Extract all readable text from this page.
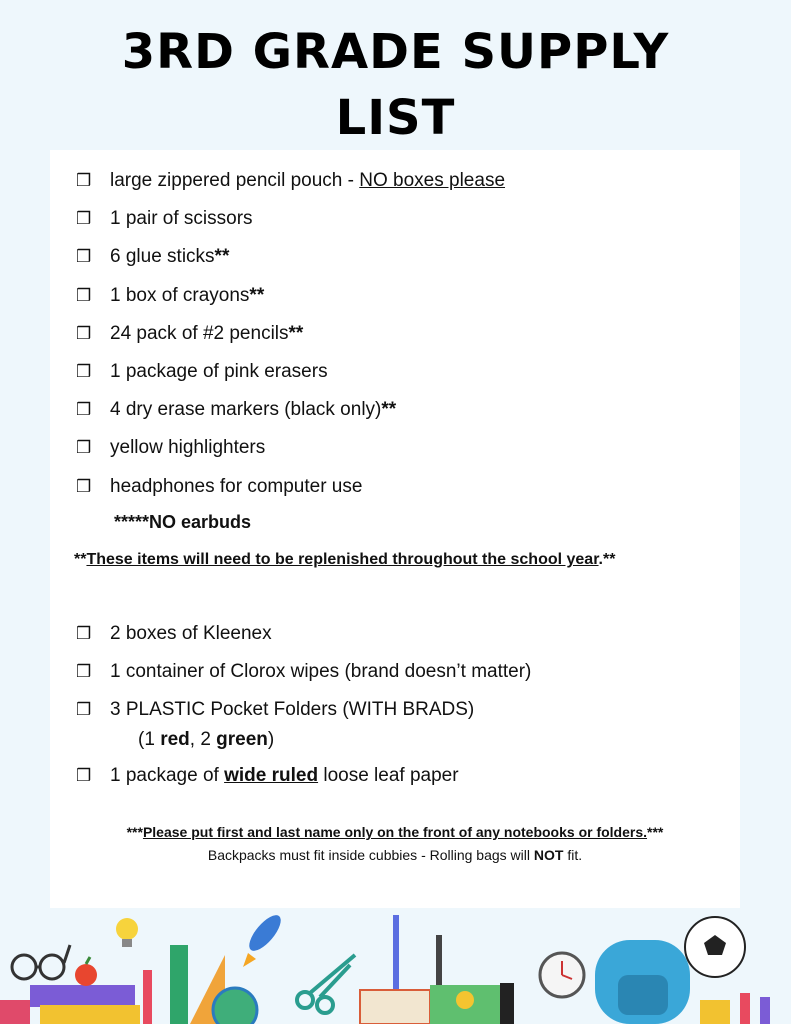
3RD GRADE SUPPLY
LIST
❒ large zippered pencil pouch - NO boxes please
❒ 1 pair of scissors
❒ 6 glue sticks**
❒ 1 box of crayons**
❒ 24 pack of #2 pencils**
❒ 1 package of pink erasers
❒ 4 dry erase markers (black only)**
❒ yellow highlighters
❒ headphones for computer use
*****NO earbuds
**These items will need to be replenished throughout the school year.**
❒ 2 boxes of Kleenex
❒ 1 container of Clorox wipes (brand doesn’t matter)
❒ 3 PLASTIC Pocket Folders (WITH BRADS)
(1 red, 2 green)
❒ 1 package of wide ruled loose leaf paper
***Please put first and last name only on the front of any notebooks or folders.***
Backpacks must fit inside cubbies - Rolling bags will NOT fit.
